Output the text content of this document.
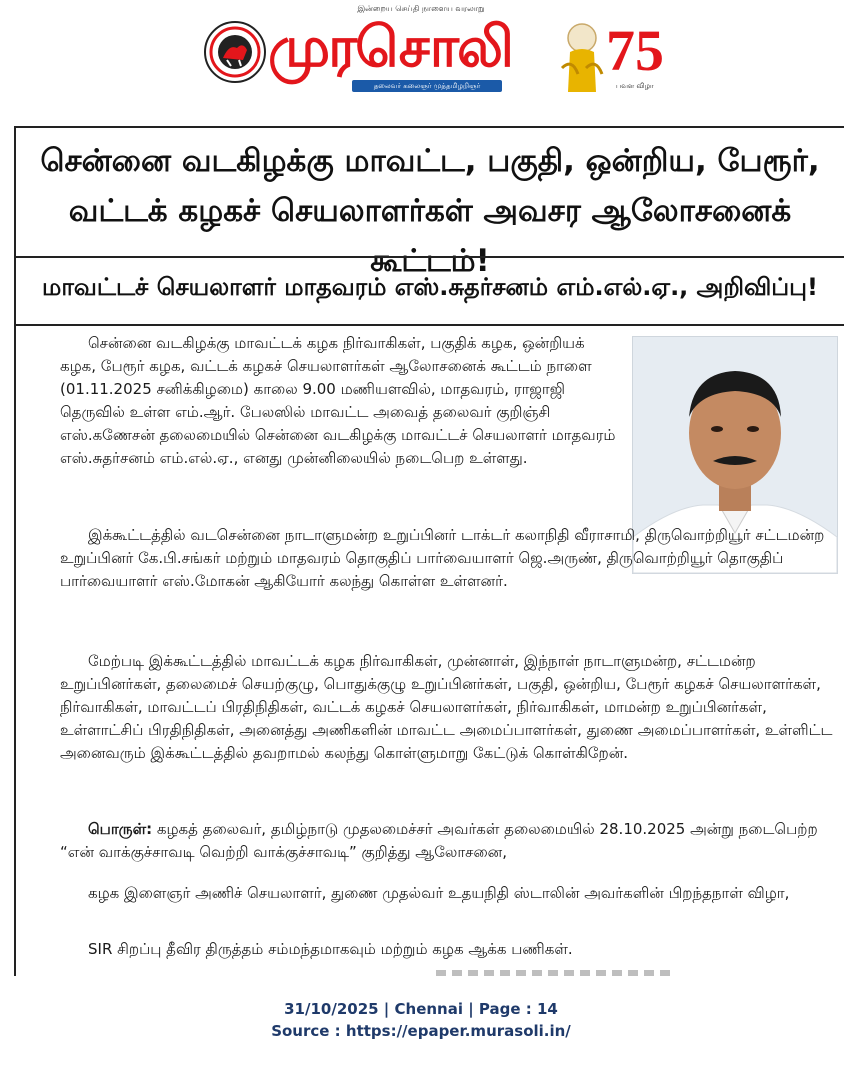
இன்றைய செய்தி நாளைய வரலாறு
முரசொலி
தலைவர் கலைஞர் முத்தமிழறிஞர்
75
பவள விழா
சென்னை வடகிழக்கு மாவட்ட, பகுதி, ஒன்றிய, பேரூர்,
வட்டக் கழகச் செயலாளர்கள் அவசர ஆலோசனைக் கூட்டம்!
மாவட்டச் செயலாளர் மாதவரம் எஸ்.சுதர்சனம் எம்.எல்.ஏ., அறிவிப்பு!

சென்னை வடகிழக்கு மாவட்டக் கழக நிர்வாகிகள், பகுதிக் கழக, ஒன்றியக் கழக, பேரூர் கழக, வட்டக் கழகச் செயலாளர்கள் ஆலோசனைக் கூட்டம் நாளை (01.11.2025 சனிக்கிழமை) காலை 9.00 மணியளவில், மாதவரம், ராஜாஜி தெருவில் உள்ள எம்.ஆர். பேலஸில் மாவட்ட அவைத் தலைவர் குறிஞ்சி எஸ்.கணேசன் தலைமையில் சென்னை வடகிழக்கு மாவட்டச் செயலாளர் மாதவரம் எஸ்.சுதர்சனம் எம்.எல்.ஏ., எனது முன்னிலையில் நடைபெற உள்ளது.

இக்கூட்டத்தில் வடசென்னை நாடாளுமன்ற உறுப்பினர் டாக்டர் கலாநிதி வீராசாமி, திருவொற்றியூர் சட்டமன்ற உறுப்பினர் கே.பி.சங்கர் மற்றும் மாதவரம் தொகுதிப் பார்வையாளர் ஜெ.அருண், திருவொற்றியூர் தொகுதிப் பார்வையாளர் எஸ்.மோகன் ஆகியோர் கலந்து கொள்ள உள்ளனர்.

மேற்படி இக்கூட்டத்தில் மாவட்டக் கழக நிர்வாகிகள், முன்னாள், இந்நாள் நாடாளுமன்ற, சட்டமன்ற உறுப்பினர்கள், தலைமைச் செயற்குழு, பொதுக்குழு உறுப்பினர்கள், பகுதி, ஒன்றிய, பேரூர் கழகச் செயலாளர்கள், நிர்வாகிகள், மாவட்டப் பிரதிநிதிகள், வட்டக் கழகச் செயலாளர்கள், நிர்வாகிகள், மாமன்ற உறுப்பினர்கள், உள்ளாட்சிப் பிரதிநிதிகள், அனைத்து அணிகளின் மாவட்ட அமைப்பாளர்கள், துணை அமைப்பாளர்கள், உள்ளிட்ட அனைவரும் இக்கூட்டத்தில் தவறாமல் கலந்து கொள்ளுமாறு கேட்டுக் கொள்கிறேன்.

பொருள்: கழகத் தலைவர், தமிழ்நாடு முதலமைச்சர் அவர்கள் தலைமையில் 28.10.2025 அன்று நடைபெற்ற “என் வாக்குச்சாவடி வெற்றி வாக்குச்சாவடி” குறித்து ஆலோசனை,

கழக இளைஞர் அணிச் செயலாளர், துணை முதல்வர் உதயநிதி ஸ்டாலின் அவர்களின் பிறந்தநாள் விழா,

SIR சிறப்பு தீவிர திருத்தம் சம்மந்தமாகவும் மற்றும் கழக ஆக்க பணிகள்.

31/10/2025 | Chennai | Page : 14
Source : https://epaper.murasoli.in/
